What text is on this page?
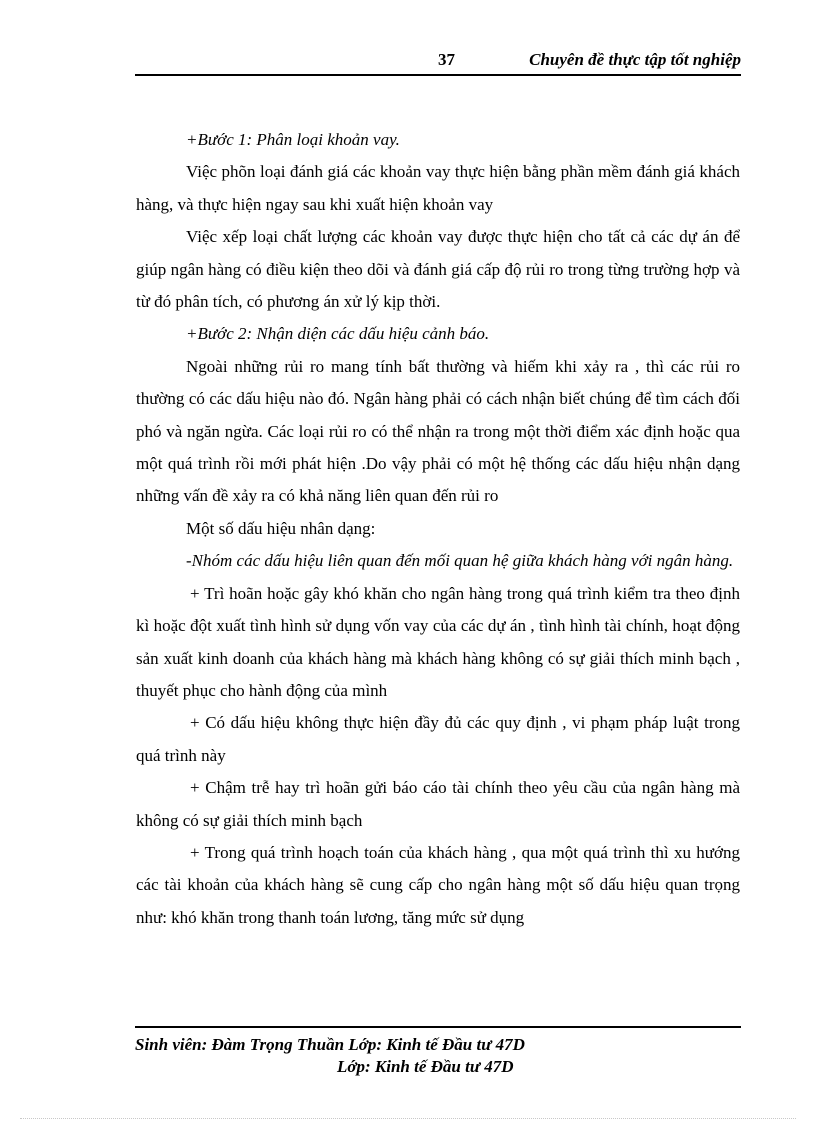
37	Chuyên đề thực tập tốt nghiệp

+Bước 1: Phân loại khoản vay.

Việc phõn loại đánh giá các khoản vay thực hiện bằng phần mềm đánh giá khách hàng, và thực hiện ngay sau khi xuất hiện khoản vay

Việc xếp loại chất lượng các khoản vay được thực hiện cho tất cả các dự án để giúp ngân hàng có điều kiện theo dõi và đánh giá cấp độ rủi ro trong từng trường hợp và từ đó phân tích, có phương án xử lý kịp thời.

+Bước 2: Nhận diện các dấu hiệu cảnh báo.

Ngoài những rủi ro mang tính bất thường và hiếm khi xảy ra , thì các rủi ro thường có các dấu hiệu nào đó. Ngân hàng phải có cách nhận biết chúng để tìm cách đối phó và ngăn ngừa. Các loại rủi ro có thể nhận ra trong một thời điểm xác định hoặc qua một quá trình rồi mới phát hiện .Do vậy phải có một hệ thống các dấu hiệu nhận dạng những vấn đề xảy ra có khả năng liên quan đến rủi ro

Một số dấu hiệu nhân dạng:

-Nhóm các dấu hiệu liên quan đến mối quan hệ giữa khách hàng với ngân hàng.

+ Trì hoãn hoặc gây khó khăn cho ngân hàng trong quá trình kiểm tra theo định kì hoặc đột xuất tình hình sử dụng vốn vay của các dự án , tình hình tài chính, hoạt động sản xuất kinh doanh của khách hàng mà khách hàng không có sự giải thích minh bạch , thuyết phục cho hành động của mình

+ Có dấu hiệu không thực hiện đầy đủ các quy định , vi phạm pháp luật trong quá trình này

+ Chậm trễ hay trì hoãn gửi báo cáo tài chính theo yêu cầu của ngân hàng mà không có sự giải thích minh bạch

+ Trong quá trình hoạch toán của khách hàng , qua một quá trình thì xu hướng các tài khoản của khách hàng sẽ cung cấp cho ngân hàng một số dấu hiệu quan trọng như: khó khăn trong thanh toán lương, tăng mức sử dụng

Sinh viên: Đàm Trọng Thuần Lớp: Kinh tế Đầu tư 47D
Lớp: Kinh tế Đầu tư 47D
